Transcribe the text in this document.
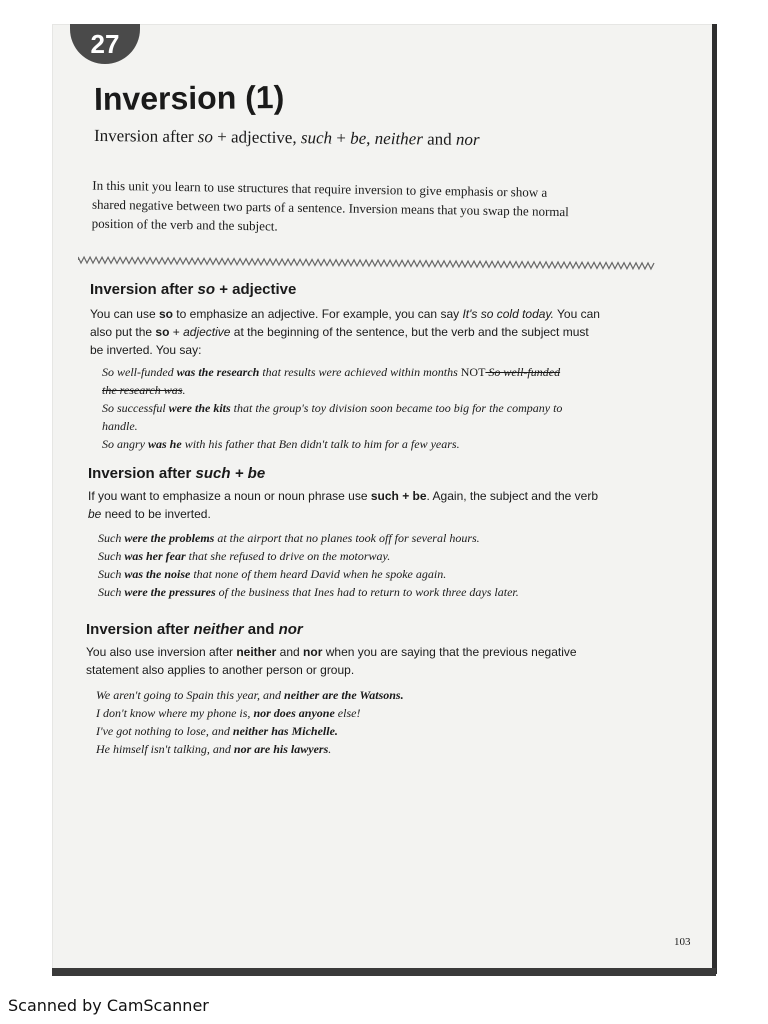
27
Inversion (1)

Inversion after so + adjective, such + be, neither and nor

In this unit you learn to use structures that require inversion to give emphasis or show a
shared negative between two parts of a sentence. Inversion means that you swap the normal
position of the verb and the subject.
Inversion after so + adjective
You can use so to emphasize an adjective. For example, you can say It's so cold today. You can
also put the so + adjective at the beginning of the sentence, but the verb and the subject must
be inverted. You say:
So well-funded was the research that results were achieved within months NOT So well-funded
the research was.
So successful were the kits that the group's toy division soon became too big for the company to
handle.
So angry was he with his father that Ben didn't talk to him for a few years.
Inversion after such + be
If you want to emphasize a noun or noun phrase use such + be. Again, the subject and the verb
be need to be inverted.
Such were the problems at the airport that no planes took off for several hours.
Such was her fear that she refused to drive on the motorway.
Such was the noise that none of them heard David when he spoke again.
Such were the pressures of the business that Ines had to return to work three days later.
Inversion after neither and nor
You also use inversion after neither and nor when you are saying that the previous negative
statement also applies to another person or group.
We aren't going to Spain this year, and neither are the Watsons.
I don't know where my phone is, nor does anyone else!
I've got nothing to lose, and neither has Michelle.
He himself isn't talking, and nor are his lawyers.
103
Scanned by CamScanner
